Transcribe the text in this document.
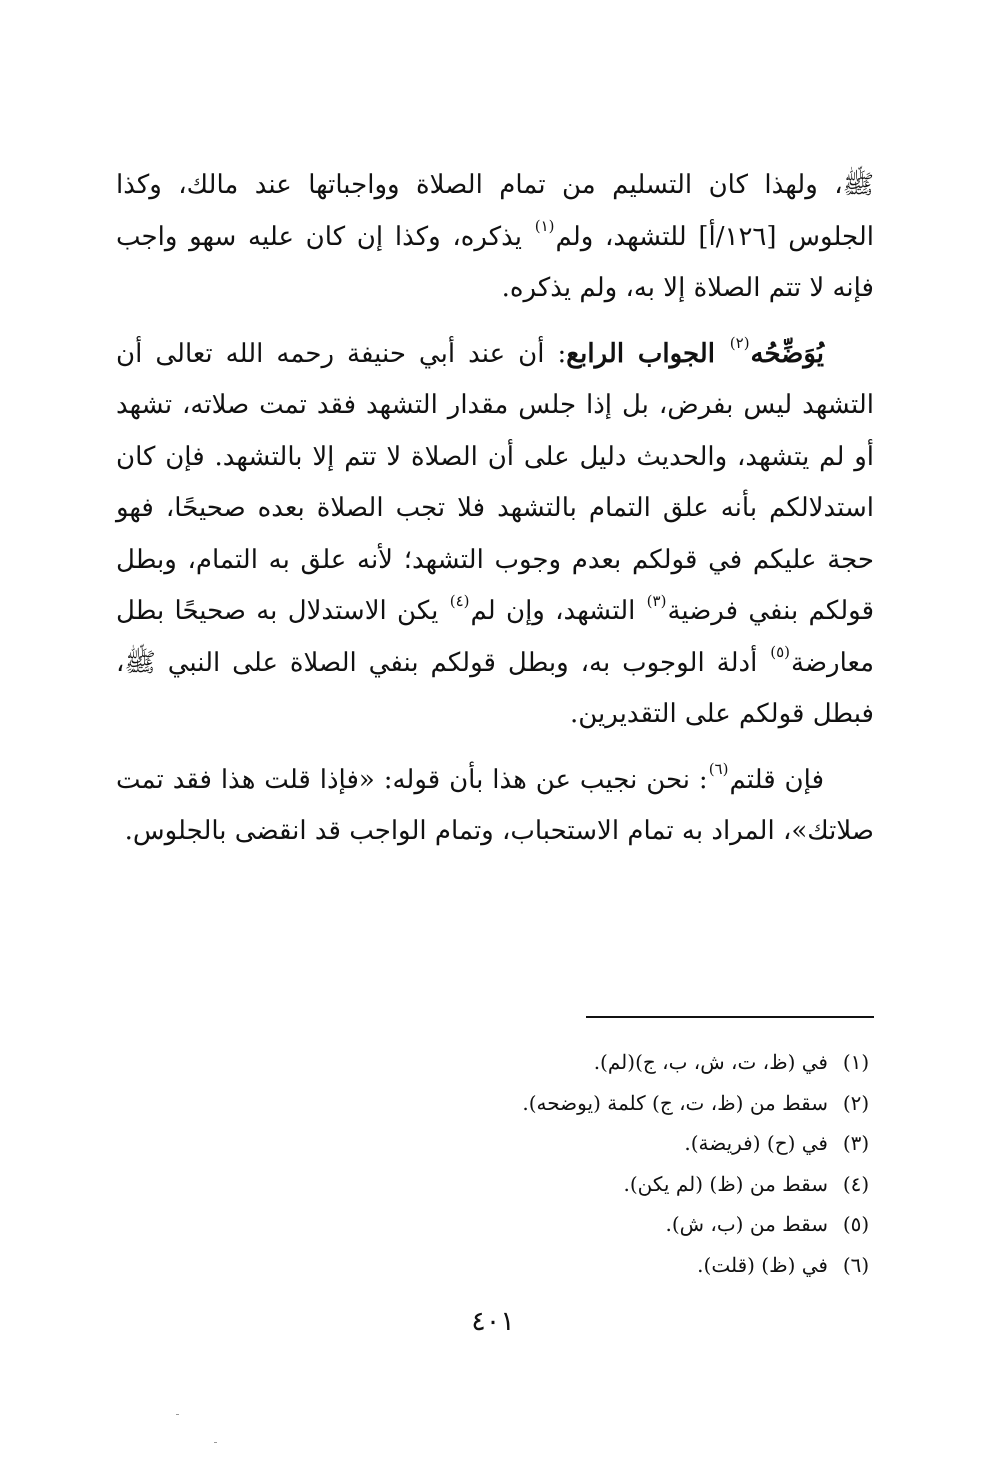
ﷺ، ولهذا كان التسليم من تمام الصلاة وواجباتها عند مالك، وكذا الجلوس [١٢٦/أ] للتشهد، ولم$^{(١)}$ يذكره، وكذا إن كان عليه سهو واجب فإنه لا تتم الصلاة إلا به، ولم يذكره.

يُوَضِّحُه$^{(٢)}$ الجواب الرابع: أن عند أبي حنيفة رحمه الله تعالى أن التشهد ليس بفرض، بل إذا جلس مقدار التشهد فقد تمت صلاته، تشهد أو لم يتشهد، والحديث دليل على أن الصلاة لا تتم إلا بالتشهد. فإن كان استدلالكم بأنه علق التمام بالتشهد فلا تجب الصلاة بعده صحيحًا، فهو حجة عليكم في قولكم بعدم وجوب التشهد؛ لأنه علق به التمام، وبطل قولكم بنفي فرضية$^{(٣)}$ التشهد، وإن لم$^{(٤)}$ يكن الاستدلال به صحيحًا بطل معارضة$^{(٥)}$ أدلة الوجوب به، وبطل قولكم بنفي الصلاة على النبي ﷺ، فبطل قولكم على التقديرين.

فإن قلتم$^{(٦)}$: نحن نجيب عن هذا بأن قوله: «فإذا قلت هذا فقد تمت صلاتك»، المراد به تمام الاستحباب، وتمام الواجب قد انقضى بالجلوس.

(١)في (ظ، ت، ش، ب، ج)(لم).
(٢)سقط من (ظ، ت، ج) كلمة (يوضحه).
(٣)في (ح) (فريضة).
(٤)سقط من (ظ) (لم يكن).
(٥)سقط من (ب، ش).
(٦)في (ظ) (قلت).
٤٠١
